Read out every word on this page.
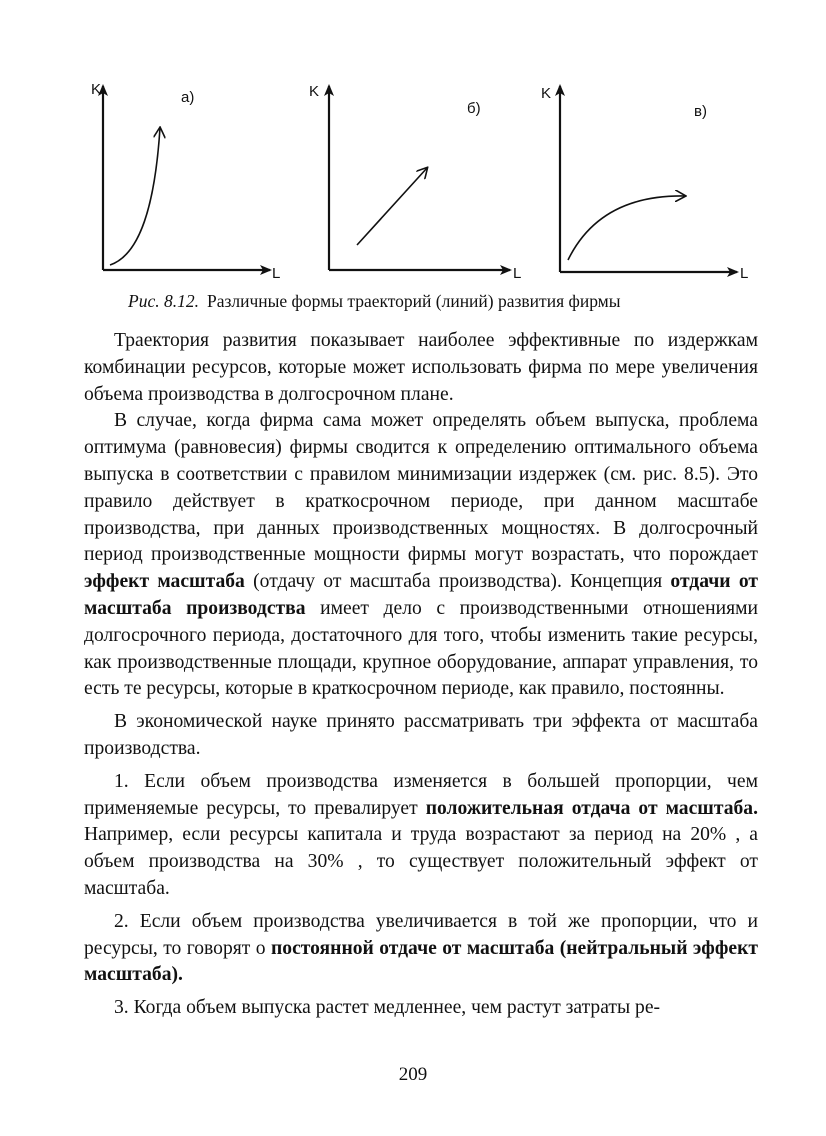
K
L
а)	K
L
б)
K
L
в)
Рис. 8.12. Различные формы траекторий (линий) развития фирмы

Траектория развития показывает наиболее эффективные по издержкам комбинации ресурсов, которые может использовать фирма по мере увеличения объема производства в долгосрочном плане.

В случае, когда фирма сама может определять объем выпуска, проблема оптимума (равновесия) фирмы сводится к определению оптимального объема выпуска в соответствии с правилом минимизации издержек (см. рис. 8.5). Это правило действует в краткосрочном периоде, при данном масштабе производства, при данных производственных мощностях. В долгосрочный период производственные мощности фирмы могут возрастать, что порождает эффект масштаба (отдачу от масштаба производства). Концепция отдачи от масштаба производства имеет дело с производственными отношениями долгосрочного периода, достаточного для того, чтобы изменить такие ресурсы, как производственные площади, крупное оборудование, аппарат управления, то есть те ресурсы, которые в краткосрочном периоде, как правило, постоянны.

В экономической науке принято рассматривать три эффекта от масштаба производства.

1. Если объем производства изменяется в большей пропорции, чем применяемые ресурсы, то превалирует положительная отдача от масштаба. Например, если ресурсы капитала и труда возрастают за период на 20% , а объем производства на 30% , то существует положительный эффект от масштаба.

2. Если объем производства увеличивается в той же пропорции, что и ресурсы, то говорят о постоянной отдаче от масштаба (нейтральный эффект масштаба).

3. Когда объем выпуска растет медленнее, чем растут затраты ре-

209
